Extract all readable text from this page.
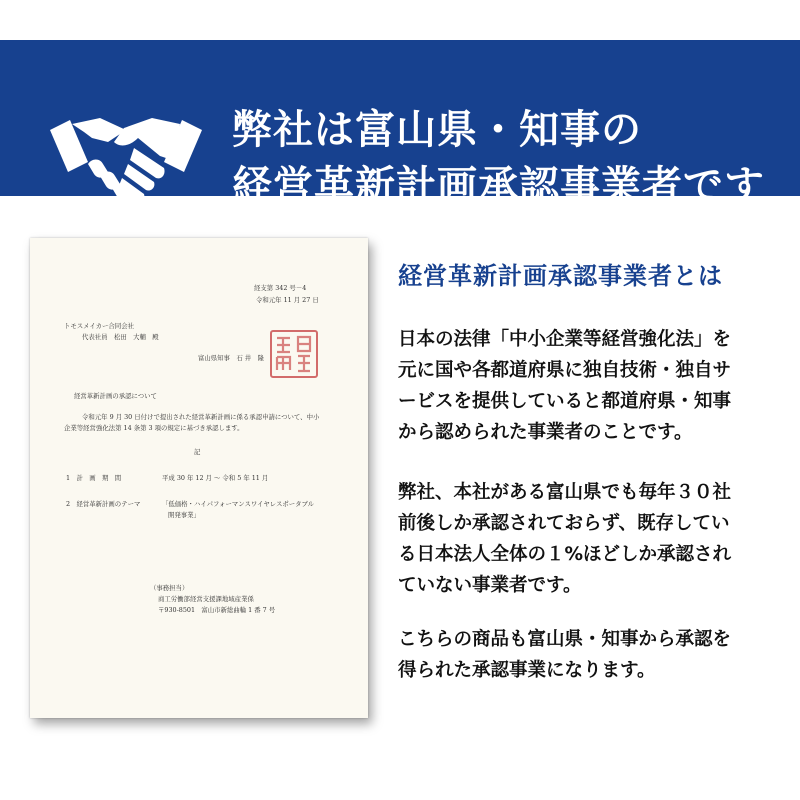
弊社は富山県・知事の
経営革新計画承認事業者です
経支第 342 号－4
令和元年 11 月 27 日
トモスメイカー合同会社
代表社員　松田　大輔　殿
富山県知事　石 井　隆
経営革新計画の承認について
令和元年 9 月 30 日付けで提出された経営革新計画に係る承認申請について、中小
企業等経営強化法第 14 条第 3 項の規定に基づき承認します。
記
1　計　画　期　間	平成 30 年 12 月 ～ 令和 5 年 11 月
2　経営革新計画のテーマ	「低価格・ハイパフォーマンスワイヤレスポータブル
開発事業」
（事務担当）
商工労働部経営支援課地域産業係
〒930-8501　富山市新総曲輪 1 番 7 号
経営革新計画承認事業者とは
日本の法律「中小企業等経営強化法」を
元に国や各都道府県に独自技術・独自サ
ービスを提供していると都道府県・知事
から認められた事業者のことです。
弊社、本社がある富山県でも毎年３０社
前後しか承認されておらず、既存してい
る日本法人全体の１%ほどしか承認され
ていない事業者です。
こちらの商品も富山県・知事から承認を
得られた承認事業になります。
